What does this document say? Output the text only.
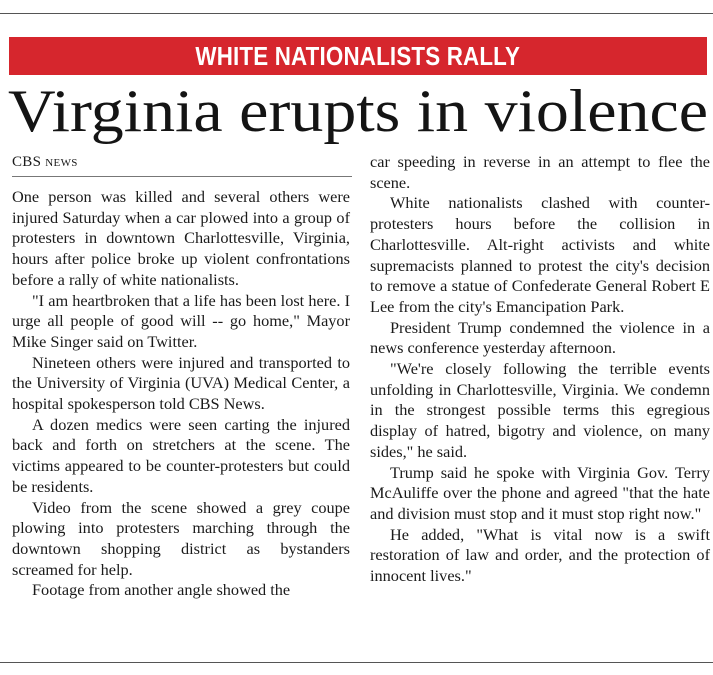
WHITE NATIONALISTS RALLY
Virginia erupts in violence
CBS news

One person was killed and several others were injured Saturday when a car plowed into a group of protesters in downtown Charlottesville, Virginia, hours after police broke up violent confrontations before a rally of white nationalists.

"I am heartbroken that a life has been lost here. I urge all people of good will -- go home," Mayor Mike Singer said on Twitter.

Nineteen others were injured and transported to the University of Virginia (UVA) Medical Center, a hospital spokesperson told CBS News.

A dozen medics were seen carting the injured back and forth on stretchers at the scene. The victims appeared to be counter-protesters but could be residents.

Video from the scene showed a grey coupe plowing into protesters marching through the downtown shopping district as bystanders screamed for help.

Footage from another angle showed the

car speeding in reverse in an attempt to flee the scene.

White nationalists clashed with counter-protesters hours before the collision in Charlottesville. Alt-right activists and white supremacists planned to protest the city's decision to remove a statue of Confederate General Robert E Lee from the city's Emancipation Park.

President Trump condemned the violence in a news conference yesterday afternoon.

"We're closely following the terrible events unfolding in Charlottesville, Virginia. We condemn in the strongest possible terms this egregious display of hatred, bigotry and violence, on many sides," he said.

Trump said he spoke with Virginia Gov. Terry McAuliffe over the phone and agreed "that the hate and division must stop and it must stop right now."

He added, "What is vital now is a swift restoration of law and order, and the protection of innocent lives."
